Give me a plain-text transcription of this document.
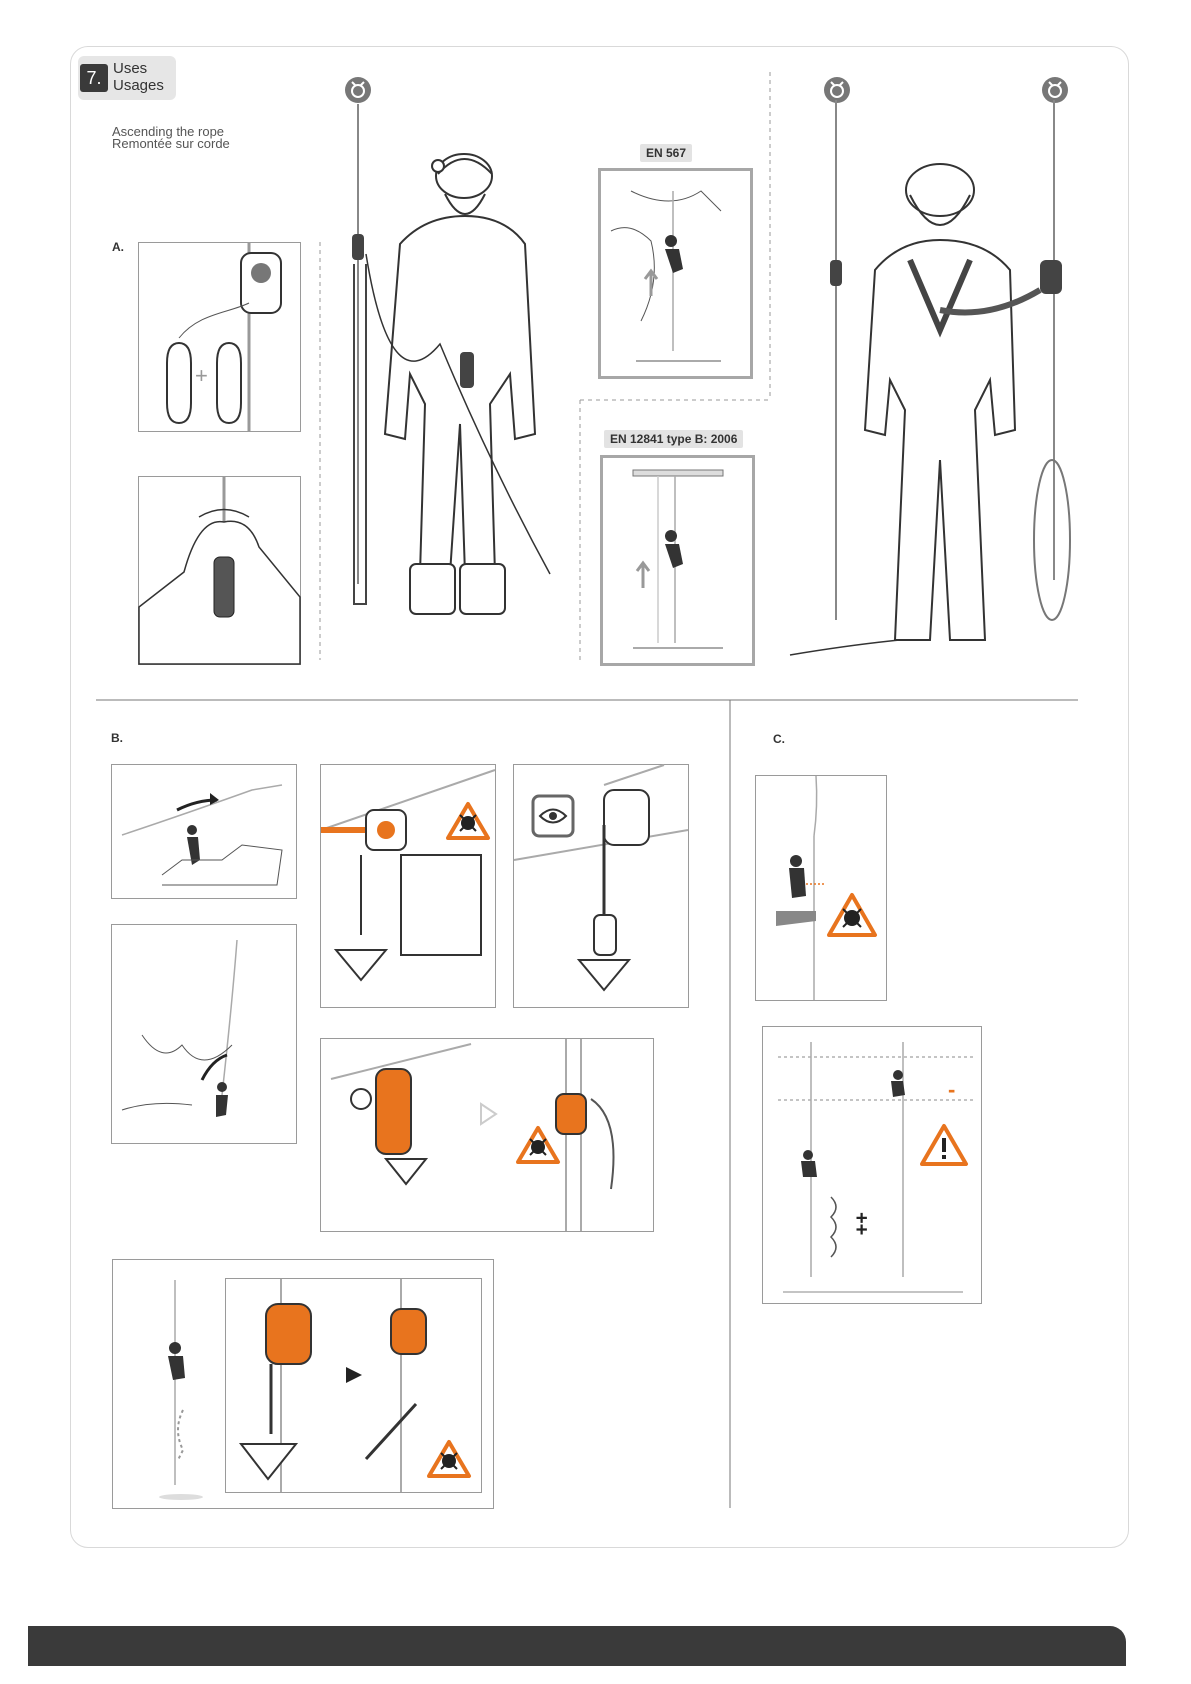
7. Uses
Usages
Ascending the rope
Remontée sur corde
A.
B.	C.
+
EN 567
EN 12841 type B: 2006
-
++
